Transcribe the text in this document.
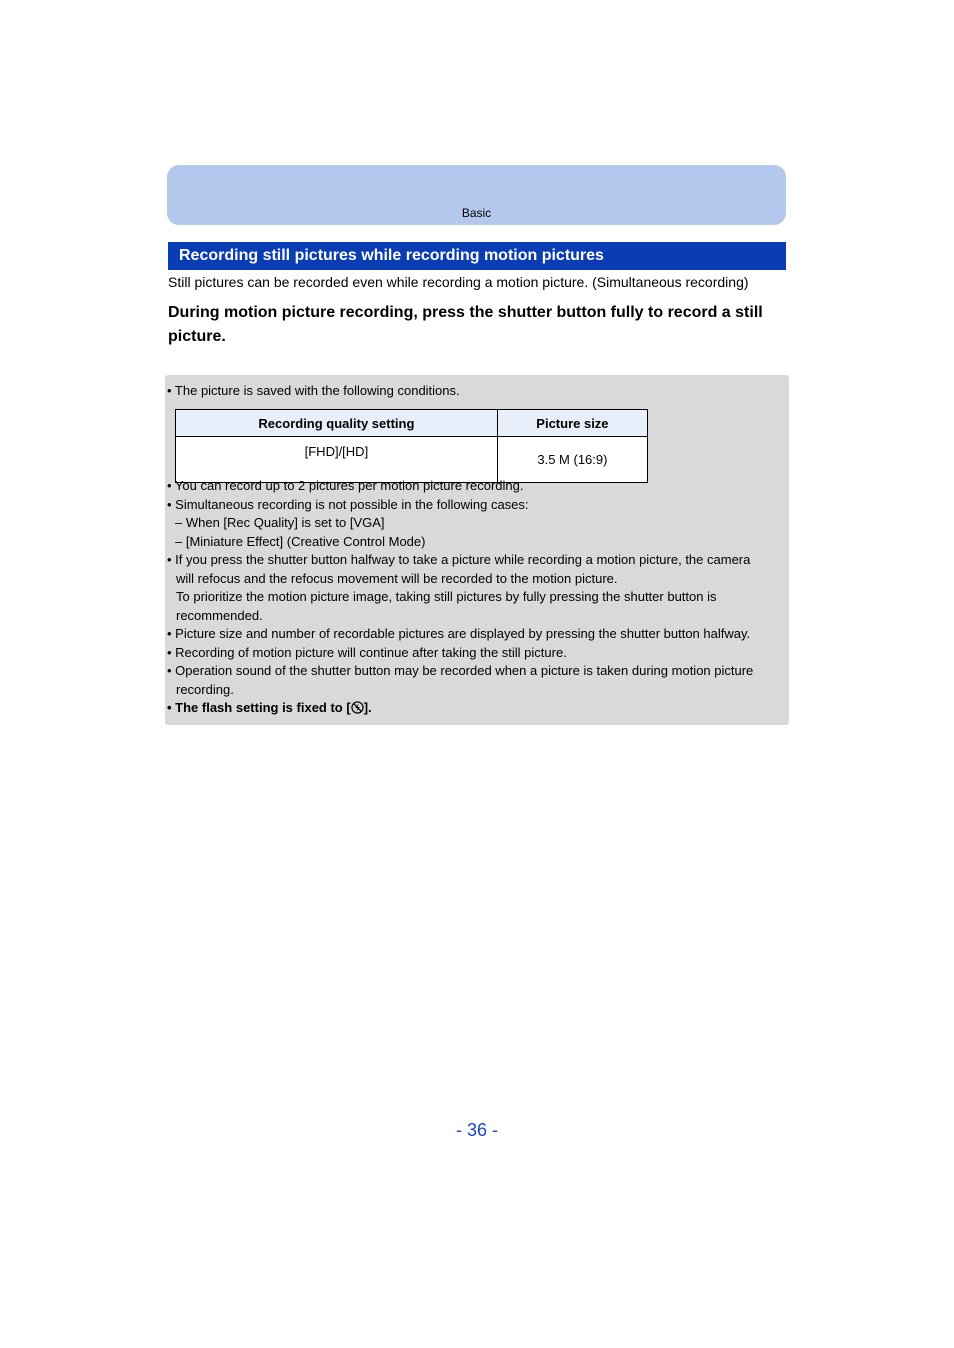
Basic
Recording still pictures while recording motion pictures
Still pictures can be recorded even while recording a motion picture. (Simultaneous recording)
During motion picture recording, press the shutter button fully to record a still picture.
• The picture is saved with the following conditions.
Recording quality setting	Picture size
[FHD]/[HD]	3.5 M (16:9)
• You can record up to 2 pictures per motion picture recording.
• Simultaneous recording is not possible in the following cases:
– When [Rec Quality] is set to [VGA]
– [Miniature Effect] (Creative Control Mode)
• If you press the shutter button halfway to take a picture while recording a motion picture, the camera
will refocus and the refocus movement will be recorded to the motion picture.
To prioritize the motion picture image, taking still pictures by fully pressing the shutter button is
recommended.
• Picture size and number of recordable pictures are displayed by pressing the shutter button halfway.
• Recording of motion picture will continue after taking the still picture.
• Operation sound of the shutter button may be recorded when a picture is taken during motion picture
recording.
• The flash setting is fixed to [ ].
- 36 -
